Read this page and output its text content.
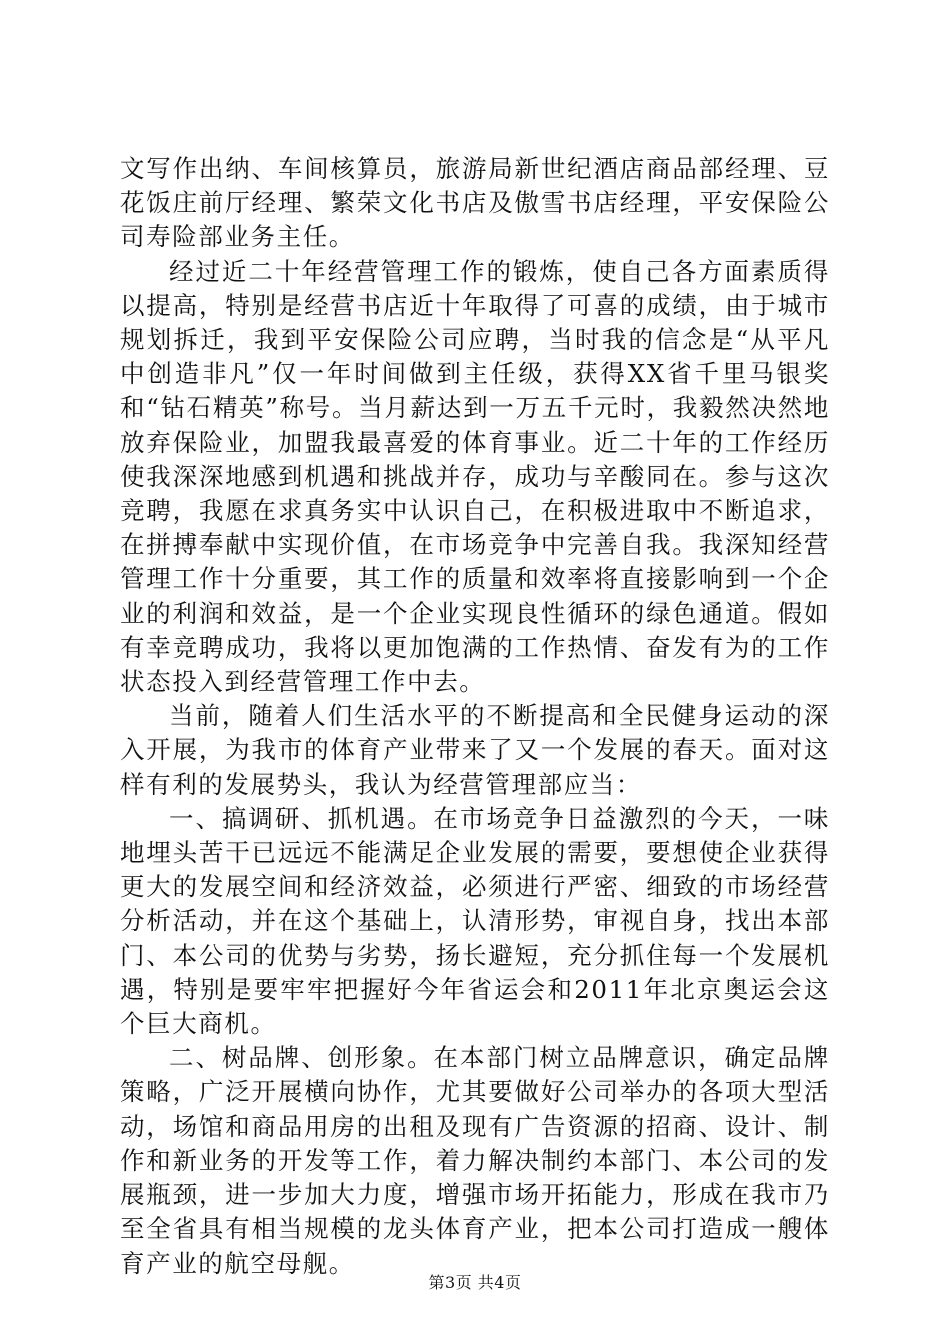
文写作出纳、车间核算员，旅游局新世纪酒店商品部经理、豆花饭庄前厅经理、繁荣文化书店及傲雪书店经理，平安保险公司寿险部业务主任。

经过近二十年经营管理工作的锻炼，使自己各方面素质得以提高，特别是经营书店近十年取得了可喜的成绩，由于城市规划拆迁，我到平安保险公司应聘，当时我的信念是“从平凡中创造非凡”仅一年时间做到主任级，获得XX省千里马银奖和“钻石精英”称号。当月薪达到一万五千元时，我毅然决然地放弃保险业，加盟我最喜爱的体育事业。近二十年的工作经历使我深深地感到机遇和挑战并存，成功与辛酸同在。参与这次竞聘，我愿在求真务实中认识自己，在积极进取中不断追求，在拼搏奉献中实现价值，在市场竞争中完善自我。我深知经营管理工作十分重要，其工作的质量和效率将直接影响到一个企业的利润和效益，是一个企业实现良性循环的绿色通道。假如有幸竞聘成功，我将以更加饱满的工作热情、奋发有为的工作状态投入到经营管理工作中去。

当前，随着人们生活水平的不断提高和全民健身运动的深入开展，为我市的体育产业带来了又一个发展的春天。面对这样有利的发展势头，我认为经营管理部应当：

一、搞调研、抓机遇。在市场竞争日益激烈的今天，一味地埋头苦干已远远不能满足企业发展的需要，要想使企业获得更大的发展空间和经济效益，必须进行严密、细致的市场经营分析活动，并在这个基础上，认清形势，审视自身，找出本部门、本公司的优势与劣势，扬长避短，充分抓住每一个发展机遇，特别是要牢牢把握好今年省运会和2011年北京奥运会这个巨大商机。

二、树品牌、创形象。在本部门树立品牌意识，确定品牌策略，广泛开展横向协作，尤其要做好公司举办的各项大型活动，场馆和商品用房的出租及现有广告资源的招商、设计、制作和新业务的开发等工作，着力解决制约本部门、本公司的发展瓶颈，进一步加大力度，增强市场开拓能力，形成在我市乃至全省具有相当规模的龙头体育产业，把本公司打造成一艘体育产业的航空母舰。

第3页 共4页
